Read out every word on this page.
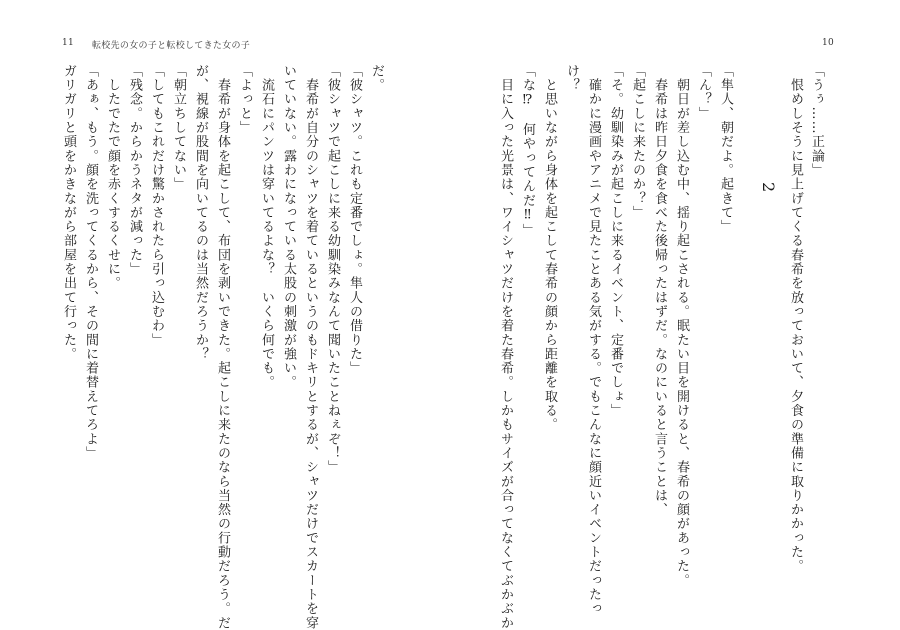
11 転校先の女の子と転校してきた女の子	10
2
「うぅ……正論」
　恨めしそうに見上げてくる春希を放っておいて、夕食の準備に取りかかった。
「隼人、朝だよ。起きて」
「ん？」
　朝日が差し込む中、揺り起こされる。眠たい目を開けると、春希の顔があった。
　春希は昨日夕食を食べた後帰ったはずだ。なのにいると言うことは、
「起こしに来たのか？」
「そ。幼馴染みが起こしに来るイベント、定番でしょ」
　確かに漫画やアニメで見たことある気がする。でもこんなに顔近いイベントだったっ
け？
　と思いながら身体を起こして春希の顔から距離を取る。
「な⁉　何やってんだ‼」
　目に入った光景は、ワイシャツだけを着た春希。しかもサイズが合ってなくてぶかぶか
だ。
「彼シャツ。これも定番でしょ。隼人の借りた」
「彼シャツで起こしに来る幼馴染みなんて聞いたことねぇぞ！」
　春希が自分のシャツを着ているというのもドキリとするが、シャツだけでスカートを穿
いていない。露わになっている太股の刺激が強い。
　流石にパンツは穿いてるよな？　いくら何でも。
「よっと」
　春希が身体を起こして、布団を剥いできた。起こしに来たのなら当然の行動だろう。だ
が、視線が股間を向いてるのは当然だろうか？
「朝立ちしてない」
「してもこれだけ驚かされたら引っ込むわ」
「残念。からかうネタが減った」
　したでたで顔を赤くするくせに。
「あぁ、もう。顔を洗ってくるから、その間に着替えてろよ」
ガリガリと頭をかきながら部屋を出て行った。
